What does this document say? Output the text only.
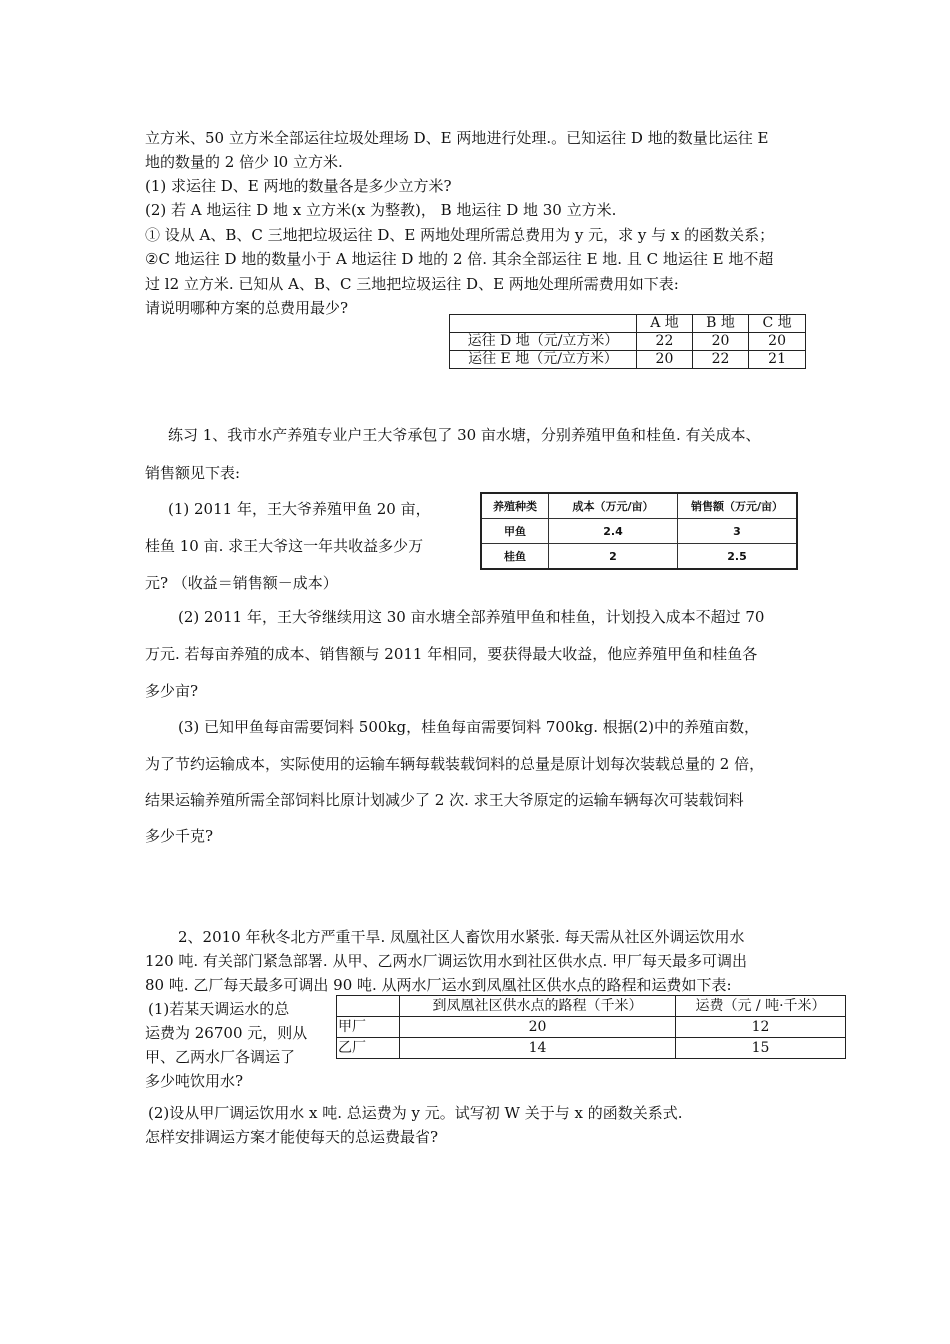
立方米、50 立方米全部运往垃圾处理场 D、E 两地进行处理.。已知运往 D 地的数量比运往 E
地的数量的 2 倍少 l0 立方米.
(1) 求运往 D、E 两地的数量各是多少立方米?
(2) 若 A 地运往 D 地 x 立方米(x 为整教)， B 地运往 D 地 30 立方米.
① 设从 A、B、C 三地把垃圾运往 D、E 两地处理所需总费用为 y 元，求 y 与 x 的函数关系；
②C 地运往 D 地的数量小于 A 地运往 D 地的 2 倍. 其余全部运往 E 地. 且 C 地运往 E 地不超
过 l2 立方米. 已知从 A、B、C 三地把垃圾运往 D、E 两地处理所需费用如下表:
请说明哪种方案的总费用最少?
	A 地	B 地	C 地
运往 D 地（元/立方米）	22	20	20
运往 E 地（元/立方米）	20	22	21
练习 1、我市水产养殖专业户王大爷承包了 30 亩水塘，分别养殖甲鱼和桂鱼. 有关成本、
销售额见下表:
(1) 2011 年，王大爷养殖甲鱼 20 亩，
桂鱼 10 亩. 求王大爷这一年共收益多少万
元? （收益＝销售额－成本）
养殖种类	成本（万元/亩）	销售额（万元/亩）
甲鱼	2.4	3
桂鱼	2	2.5
(2) 2011 年，王大爷继续用这 30 亩水塘全部养殖甲鱼和桂鱼，计划投入成本不超过 70
万元. 若每亩养殖的成本、销售额与 2011 年相同，要获得最大收益，他应养殖甲鱼和桂鱼各
多少亩?
(3) 已知甲鱼每亩需要饲料 500kg，桂鱼每亩需要饲料 700kg. 根据(2)中的养殖亩数，
为了节约运输成本，实际使用的运输车辆每载装载饲料的总量是原计划每次装载总量的 2 倍，
结果运输养殖所需全部饲料比原计划减少了 2 次. 求王大爷原定的运输车辆每次可装载饲料
多少千克?
2、2010 年秋冬北方严重干旱. 凤凰社区人畜饮用水紧张. 每天需从社区外调运饮用水
120 吨. 有关部门紧急部署. 从甲、乙两水厂调运饮用水到社区供水点. 甲厂每天最多可调出
80 吨. 乙厂每天最多可调出 90 吨. 从两水厂运水到凤凰社区供水点的路程和运费如下表:
(1)若某天调运水的总
运费为 26700 元，则从
甲、乙两水厂各调运了
多少吨饮用水?
	到凤凰社区供水点的路程（千米）	运费（元 / 吨·千米）
甲厂	20	12
乙厂	14	15
(2)设从甲厂调运饮用水 x 吨. 总运费为 y 元。试写初 W 关于与 x 的函数关系式.
怎样安排调运方案才能使每天的总运费最省?
